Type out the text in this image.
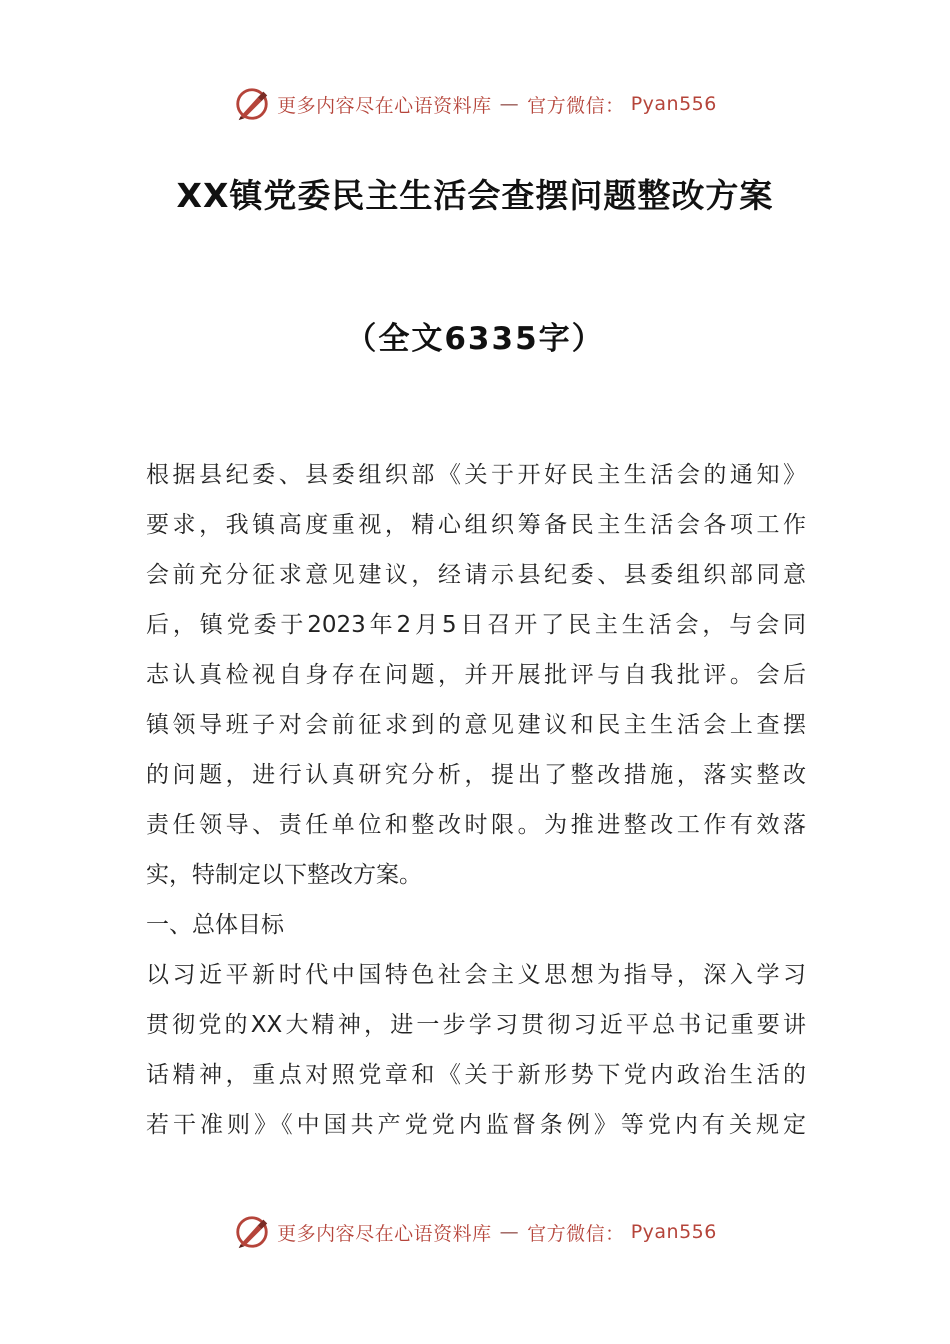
更多内容尽在心语资料库 — 官方微信： Pyan556
XX镇党委民主生活会查摆问题整改方案
（全文6335字）
根据县纪委、县委组织部《关于开好民主生活会的通知》
要求，我镇高度重视，精心组织筹备民主生活会各项工作
会前充分征求意见建议，经请示县纪委、县委组织部同意
后，镇党委于2023年2月5日召开了民主生活会，与会同
志认真检视自身存在问题，并开展批评与自我批评。会后
镇领导班子对会前征求到的意见建议和民主生活会上查摆
的问题，进行认真研究分析，提出了整改措施，落实整改
责任领导、责任单位和整改时限。为推进整改工作有效落
实，特制定以下整改方案。
一、总体目标
以习近平新时代中国特色社会主义思想为指导，深入学习
贯彻党的XX大精神，进一步学习贯彻习近平总书记重要讲
话精神，重点对照党章和《关于新形势下党内政治生活的
若干准则》《中国共产党党内监督条例》等党内有关规定
更多内容尽在心语资料库 — 官方微信： Pyan556
